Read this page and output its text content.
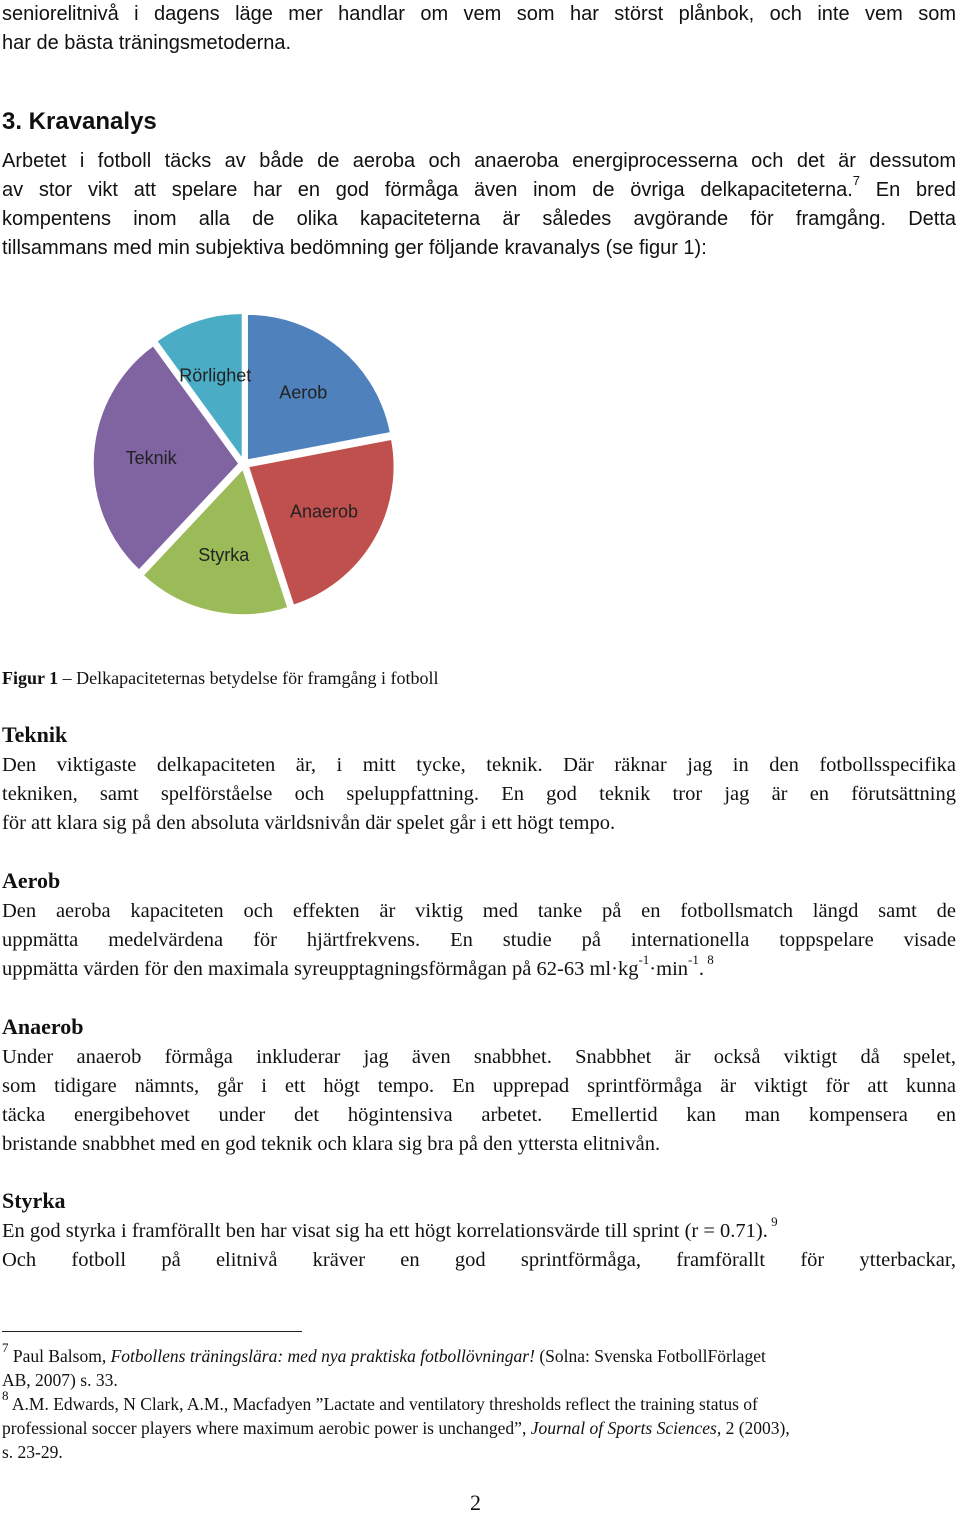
seniorelitnivå i dagens läge mer handlar om vem som har störst plånbok, och inte vem som
har de bästa träningsmetoderna.
3. Kravanalys
Arbetet i fotboll täcks av både de aeroba och anaeroba energiprocesserna och det är dessutom
av stor vikt att spelare har en god förmåga även inom de övriga delkapaciteterna.$^7$ En bred
kompentens inom alla de olika kapaciteterna är således avgörande för framgång. Detta
tillsammans med min subjektiva bedömning ger följande kravanalys (se figur 1):
Aerob
Anaerob
Styrka
Teknik
Rörlighet
Figur 1 – Delkapaciteternas betydelse för framgång i fotboll
Teknik
Den viktigaste delkapaciteten är, i mitt tycke, teknik. Där räknar jag in den fotbollsspecifika
tekniken, samt spelförståelse och speluppfattning. En god teknik tror jag är en förutsättning
för att klara sig på den absoluta världsnivån där spelet går i ett högt tempo.
Aerob
Den aeroba kapaciteten och effekten är viktig med tanke på en fotbollsmatch längd samt de
uppmätta medelvärdena för hjärtfrekvens. En studie på internationella toppspelare visade
uppmätta värden för den maximala syreupptagningsförmågan på 62-63 $ml\cdot kg^{-1}\cdot\min^{-1}$. $^8$
Anaerob
Under anaerob förmåga inkluderar jag även snabbhet. Snabbhet är också viktigt då spelet,
som tidigare nämnts, går i ett högt tempo. En upprepad sprintförmåga är viktigt för att kunna
täcka energibehovet under det högintensiva arbetet. Emellertid kan man kompensera en
bristande snabbhet med en god teknik och klara sig bra på den yttersta elitnivån.
Styrka
En god styrka i framförallt ben har visat sig ha ett högt korrelationsvärde till sprint (r = 0.71). $^9$
Och fotboll på elitnivå kräver en god sprintförmåga, framförallt för ytterbackar,
$^7$ Paul Balsom, Fotbollens träningslära: med nya praktiska fotbollövningar! (Solna: Svenska FotbollFörlaget
AB, 2007) s. 33.
$^8$ A.M. Edwards, N Clark, A.M., Macfadyen ”Lactate and ventilatory thresholds reflect the training status of
professional soccer players where maximum aerobic power is unchanged”, Journal of Sports Sciences, 2 (2003),
s. 23-29.
2
